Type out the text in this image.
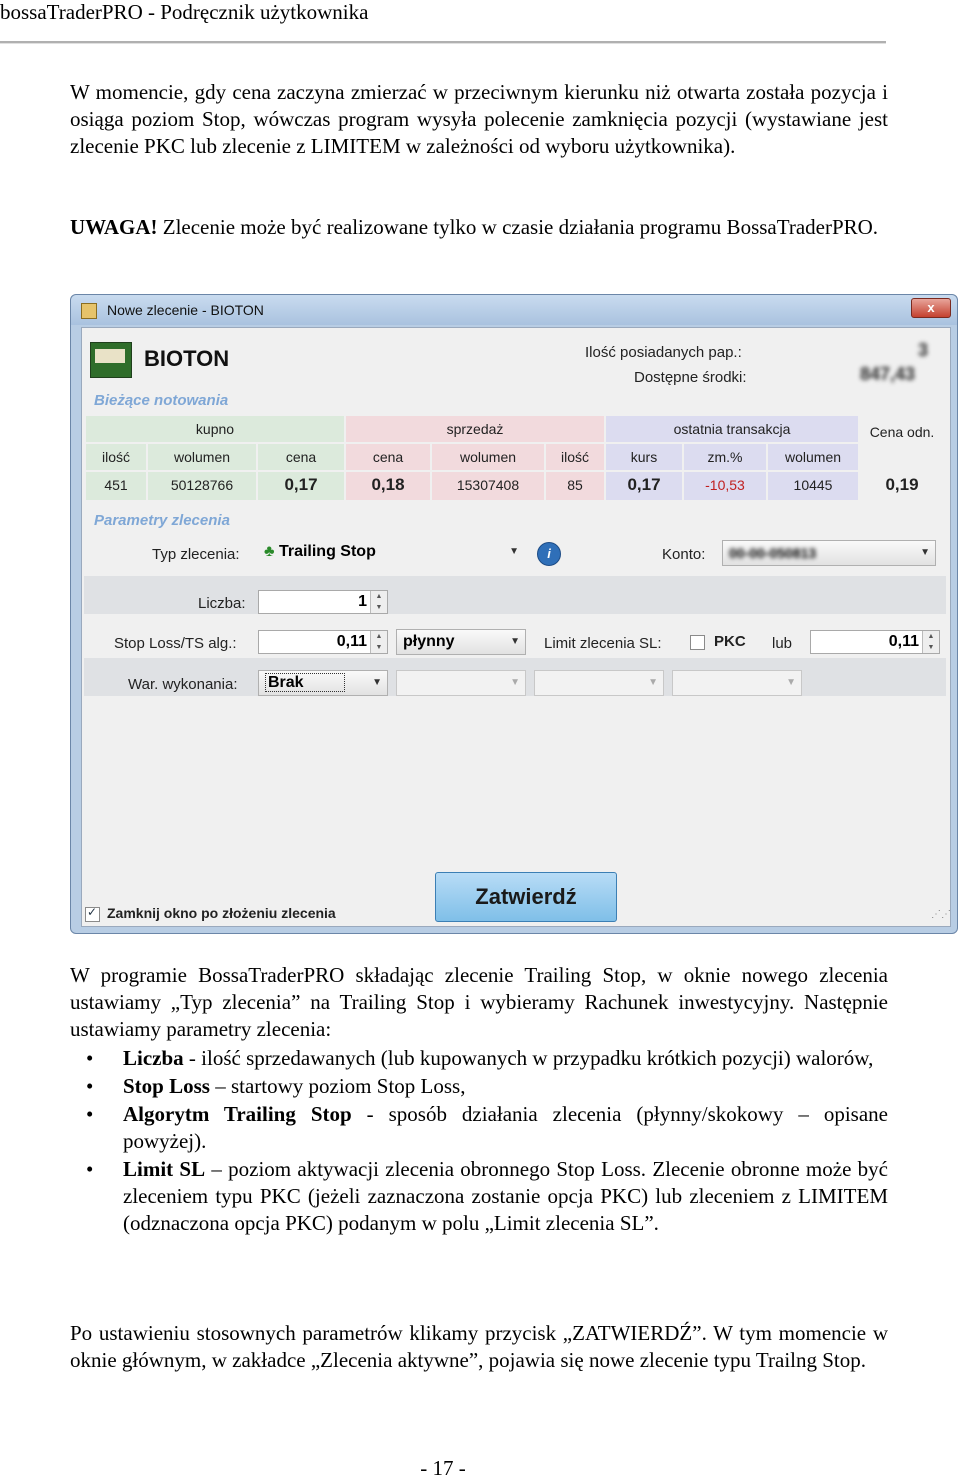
bossaTraderPRO - Podręcznik użytkownika
W momencie, gdy cena zaczyna zmierzać w przeciwnym kierunku niż otwarta została pozycja i osiąga poziom Stop, wówczas program wysyła polecenie zamknięcia pozycji (wystawiane jest zlecenie PKC lub zlecenie z LIMITEM w zależności od wyboru użytkownika).
UWAGA! Zlecenie może być realizowane tylko w czasie działania programu BossaTraderPRO.
Nowe zlecenie - BIOTON	x
BIOTON	Ilość posiadanych pap.:	3
Dostępne środki:	847,43
Bieżące notowania
kupno	sprzedaż	ostatnia transakcja	Cena odn.
ilość	wolumen	cena	cena	wolumen	ilość	kurs	zm.%	wolumen
451	50128766	0,17	0,18	15307408	85	0,17	-10,53	10445	0,19
Parametry zlecenia
Typ zlecenia:	♣ Trailing Stop	▼	i	Konto:	00-00-050813	▼
Liczba:	1	▲
▼
Stop Loss/TS alg.:	0,11	▲
▼	płynny	▼ Limit zlecenia SL:	PKC lub	0,11	▲
▼
War. wykonania:	Brak	▼	▼	▼	▼
Zatwierdź
✓
Zamknij okno po złożeniu zlecenia	⋰⋰
W programie BossaTraderPRO składając zlecenie Trailing Stop, w oknie nowego zlecenia ustawiamy „Typ zlecenia” na Trailing Stop i wybieramy Rachunek inwestycyjny. Następnie ustawiamy parametry zlecenia:
• Liczba - ilość sprzedawanych (lub kupowanych w przypadku krótkich pozycji) walorów,
• Stop Loss – startowy poziom Stop Loss,
• Algorytm Trailing Stop - sposób działania zlecenia (płynny/skokowy – opisane powyżej).
• Limit SL – poziom aktywacji zlecenia obronnego Stop Loss. Zlecenie obronne może być zleceniem typu PKC (jeżeli zaznaczona zostanie opcja PKC) lub zleceniem z LIMITEM (odznaczona opcja PKC) podanym w polu „Limit zlecenia SL”.
Po ustawieniu stosownych parametrów klikamy przycisk „ZATWIERDŹ”. W tym momencie w oknie głównym, w zakładce „Zlecenia aktywne”, pojawia się nowe zlecenie typu Trailng Stop.
- 17 -
